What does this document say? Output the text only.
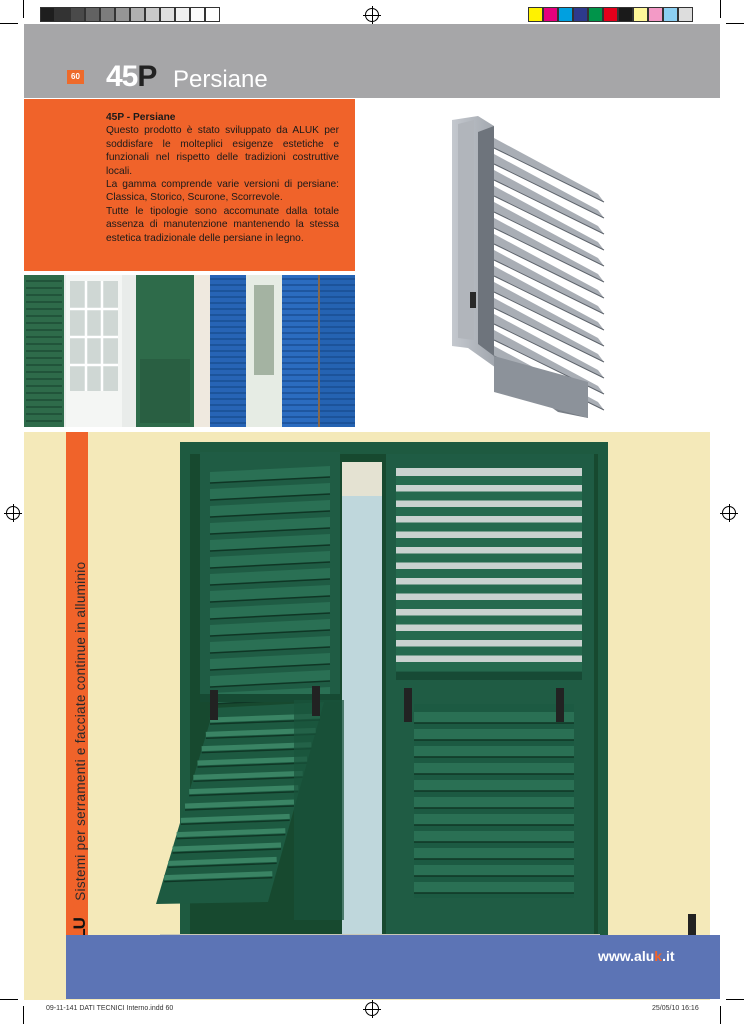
60 45P Persiane

45P - Persiane

Questo prodotto è stato sviluppato da ALUK per soddisfare le molteplici esigenze estetiche e funzionali nel rispetto delle tradizioni costruttive locali.

La gamma comprende varie versioni di persiane: Classica, Storico, Scurone, Scorrevole.

Tutte le tipologie sono accomunate dalla totale assenza di manutenzione mantenendo la stessa estetica tradizionale delle persiane in legno.

KSistemi per serramenti e facciate continue in alluminio
www.aluk.it
09-11-141 DATI TECNICI Interno.indd 60	25/05/10 16:16
